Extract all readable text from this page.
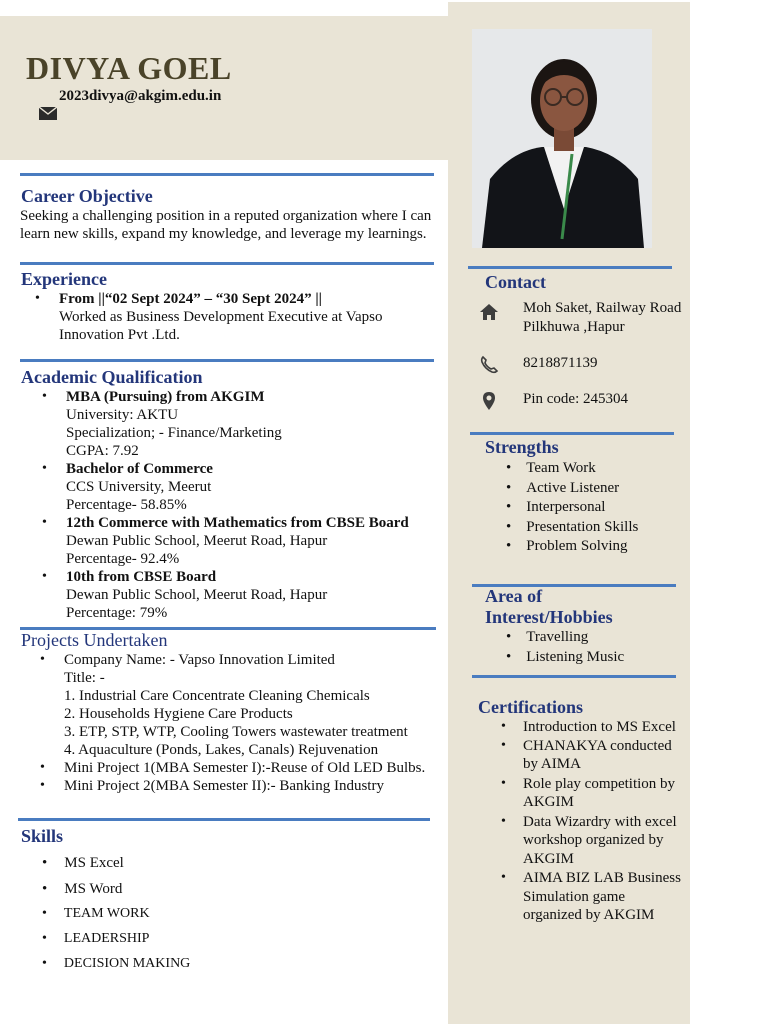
DIVYA GOEL
2023divya@akgim.edu.in
Career Objective
Seeking a challenging position in a reputed organization where I can
learn new skills, expand my knowledge, and leverage my learnings.
Experience
• From ||“02 Sept 2024” – “30 Sept 2024” ||
Worked as Business Development Executive at Vapso
Innovation Pvt .Ltd.
Academic Qualification
• MBA (Pursuing) from AKGIM
University: AKTU
Specialization; - Finance/Marketing
CGPA: 7.92
• Bachelor of Commerce
CCS University, Meerut
Percentage- 58.85%
• 12th Commerce with Mathematics from CBSE Board
Dewan Public School, Meerut Road, Hapur
Percentage- 92.4%
• 10th from CBSE Board
Dewan Public School, Meerut Road, Hapur
Percentage: 79%
Projects Undertaken
• Company Name: - Vapso Innovation Limited
Title: -
1. Industrial Care Concentrate Cleaning Chemicals
2. Households Hygiene Care Products
3. ETP, STP, WTP, Cooling Towers wastewater treatment
4. Aquaculture (Ponds, Lakes, Canals) Rejuvenation
• Mini Project 1(MBA Semester I):-Reuse of Old LED Bulbs.
• Mini Project 2(MBA Semester II):- Banking Industry
Skills
• MS Excel
• MS Word
• TEAM WORK
• LEADERSHIP
• DECISION MAKING
Contact
Moh Saket, Railway Road
Pilkhuwa ,Hapur
8218871139
Pin code: 245304
Strengths
• Team Work
• Active Listener
• Interpersonal
• Presentation Skills
• Problem Solving
Area of
Interest/Hobbies
• Travelling
• Listening Music
Certifications
• Introduction to MS Excel
• CHANAKYA conducted
by AIMA
• Role play competition by
AKGIM
• Data Wizardry with excel
workshop organized by
AKGIM
• AIMA BIZ LAB Business
Simulation game
organized by AKGIM
